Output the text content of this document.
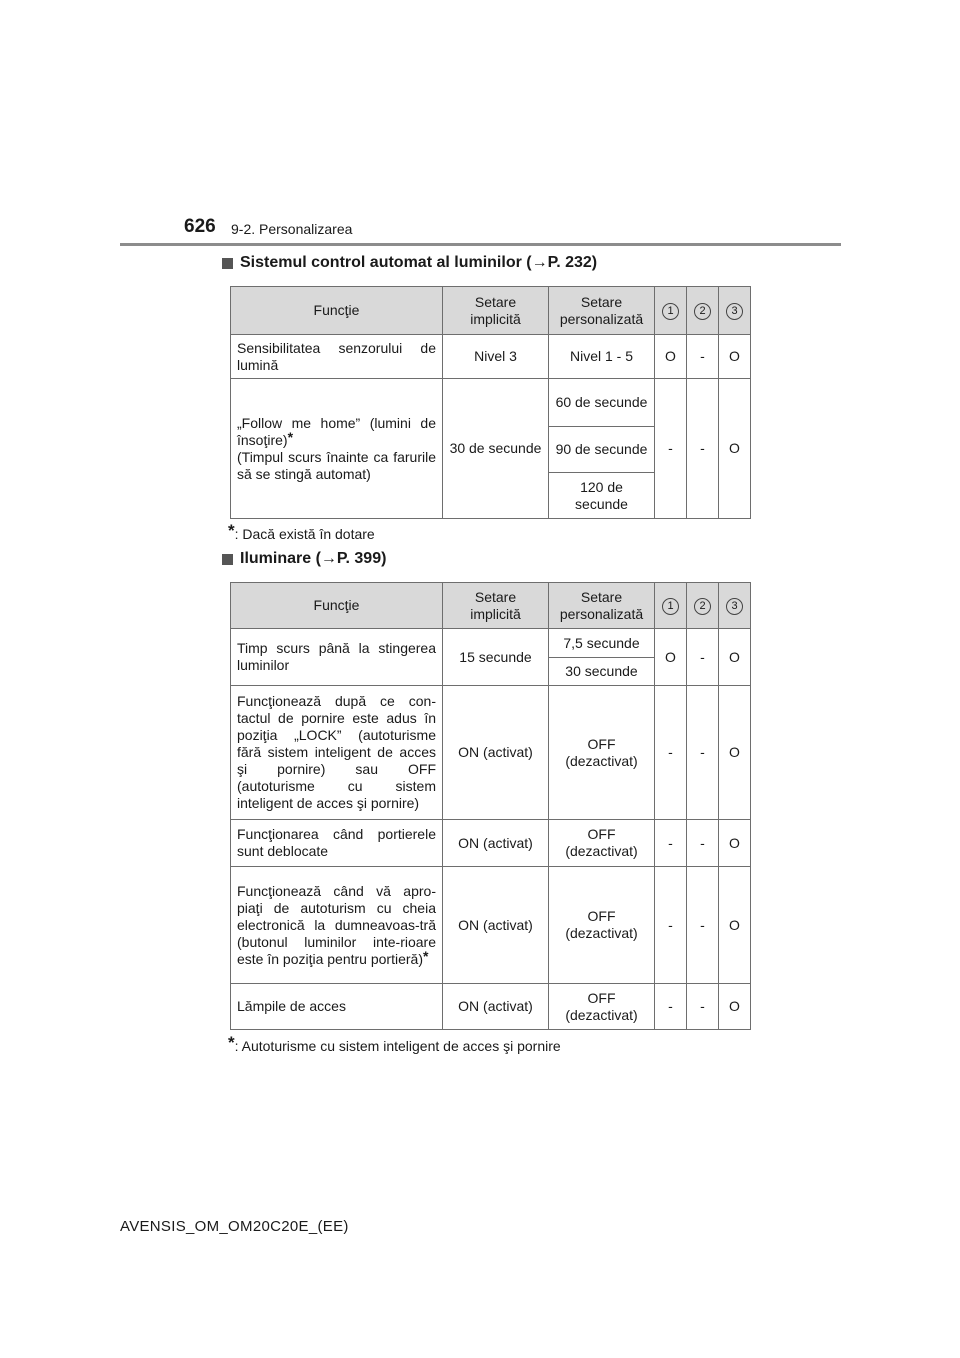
626 9-2. Personalizarea
Sistemul control automat al luminilor (→P. 232)
Funcţie	Setare implicită	Setare personalizată	1	2	3
Sensibilitatea senzorului de lumină	Nivel 3	Nivel 1 - 5	O	-	O
„Follow me home” (lumini de însoţire)*
(Timpul scurs înainte ca farurile să se stingă automat)	30 de secunde	60 de secunde	-	-	O
		90 de secunde			
		120 de secunde			
*: Dacă există în dotare
Iluminare (→P. 399)
Funcţie	Setare implicită	Setare personalizată	1	2	3
Timp scurs până la stingerea luminilor	15 secunde	7,5 secunde	O	-	O
		30 secunde			
Funcţionează după ce con-tactul de pornire este adus în poziţia „LOCK” (autoturisme fără sistem inteligent de acces şi pornire) sau OFF (autoturisme cu sistem inteligent de acces şi pornire)	ON (activat)	OFF (dezactivat)	-	-	O
Funcţionarea când portierele sunt deblocate	ON (activat)	OFF (dezactivat)	-	-	O
Funcţionează când vă apro-piaţi de autoturism cu cheia electronică la dumneavoas-tră (butonul luminilor inte-rioare este în poziţia pentru portieră)*	ON (activat)	OFF (dezactivat)	-	-	O
Lămpile de acces	ON (activat)	OFF (dezactivat)	-	-	O
*: Autoturisme cu sistem inteligent de acces şi pornire
AVENSIS_OM_OM20C20E_(EE)
